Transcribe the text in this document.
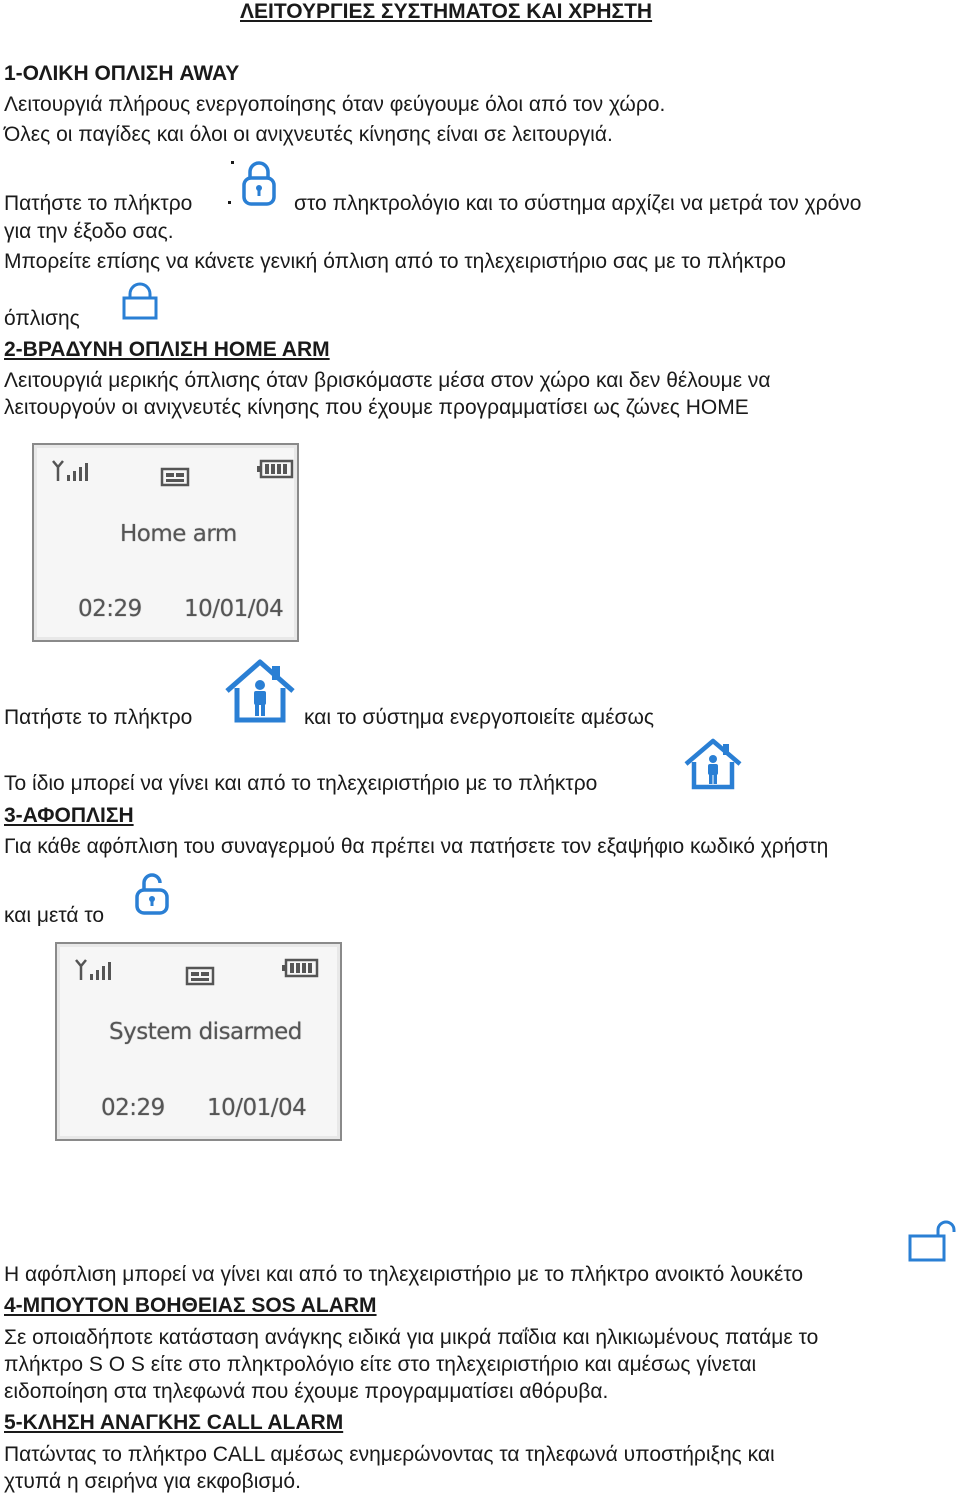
ΛΕΙΤΟΥΡΓΙΕΣ ΣΥΣΤΗΜΑΤΟΣ ΚΑΙ ΧΡΗΣΤΗ
1-ΟΛΙΚΗ ΟΠΛΙΣΗ AWAY
Λειτουργιά πλήρους ενεργοποίησης όταν φεύγουμε όλοι από τον χώρο.
Όλες οι παγίδες και όλοι οι ανιχνευτές κίνησης είναι σε λειτουργιά.
Πατήστε το πλήκτρο	στο πληκτρολόγιο και το σύστημα αρχίζει να μετρά τον χρόνο
για την έξοδο σας.
Μπορείτε επίσης να κάνετε γενική όπλιση από το τηλεχειριστήριο σας με το πλήκτρο
όπλισης
2-ΒΡΑΔΥΝΗ ΟΠΛΙΣΗ HOME ARM
Λειτουργιά μερικής όπλισης όταν βρισκόμαστε μέσα στον χώρο και δεν θέλουμε να
λειτουργούν οι ανιχνευτές κίνησης που έχουμε προγραμματίσει ως ζώνες HOME
Home arm
02:29 10/01/04
Πατήστε το πλήκτρο	και το σύστημα ενεργοποιείτε αμέσως
Το ίδιο μπορεί να γίνει και από το τηλεχειριστήριο με το πλήκτρο
3-ΑΦΟΠΛΙΣΗ
Για κάθε αφόπλιση του συναγερμού θα πρέπει να πατήσετε τον εξαψήφιο κωδικό χρήστη
και μετά το
System disarmed
02:29 10/01/04
Η αφόπλιση μπορεί να γίνει και από το τηλεχειριστήριο με το πλήκτρο ανοικτό λουκέτο
4-ΜΠΟΥΤΟΝ ΒΟΗΘΕΙΑΣ SOS ALARM
Σε οποιαδήποτε κατάσταση ανάγκης ειδικά για μικρά παΐδια και ηλικιωμένους πατάμε το
πλήκτρο S O S είτε στο πληκτρολόγιο είτε στο τηλεχειριστήριο και αμέσως γίνεται
ειδοποίηση στα τηλεφωνά που έχουμε προγραμματίσει αθόρυβα.
5-ΚΛΗΣΗ ΑΝΑΓΚΗΣ CALL ALARM
Πατώντας το πλήκτρο CALL αμέσως ενημερώνοντας τα τηλεφωνά υποστήριξης και
χτυπά η σειρήνα για εκφοβισμό.
